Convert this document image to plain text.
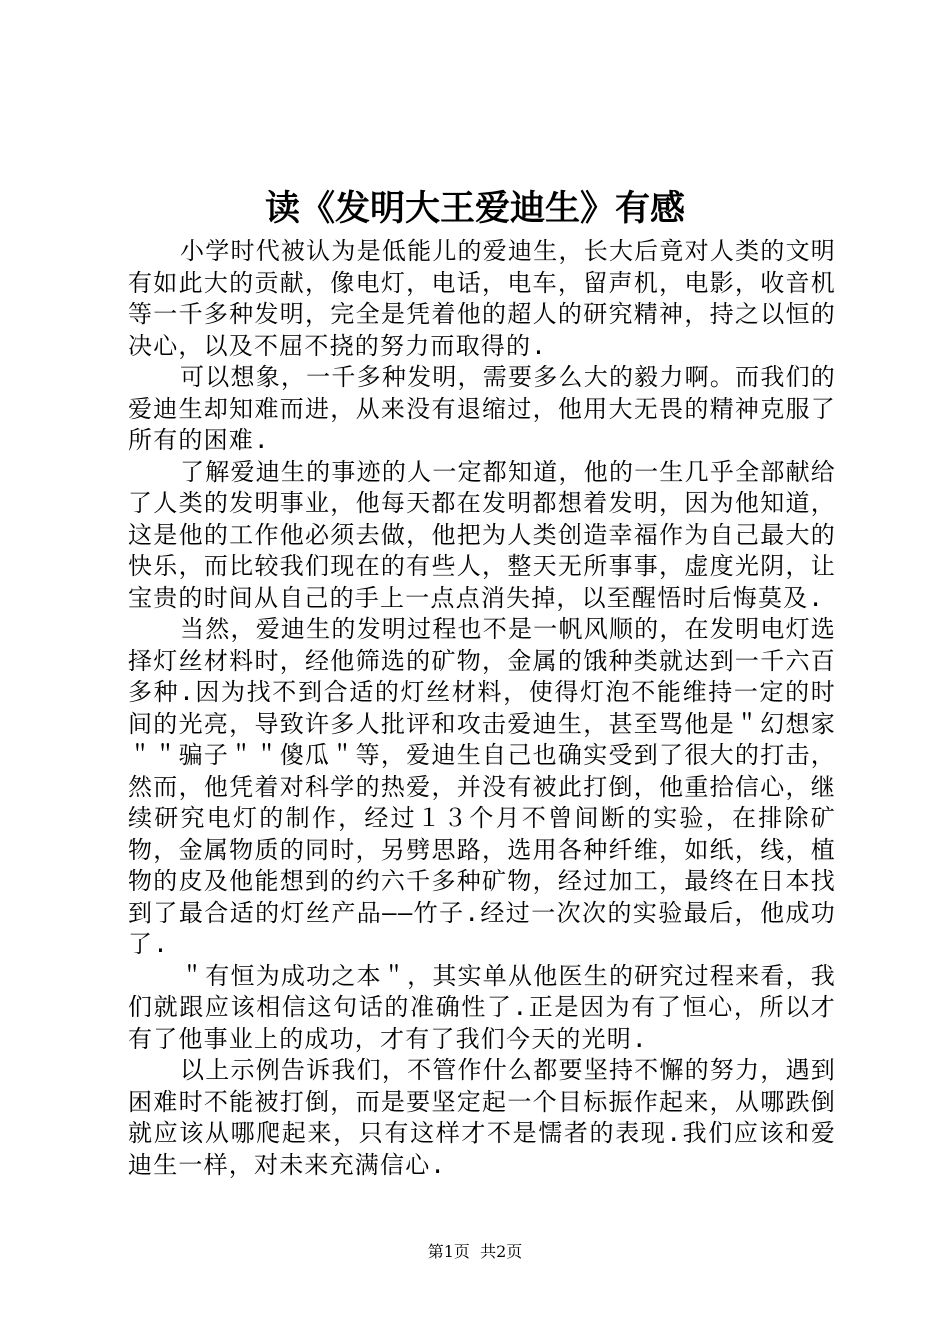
读《发明大王爱迪生》有感

小学时代被认为是低能儿的爱迪生，长大后竟对人类的文明有如此大的贡献，像电灯，电话，电车，留声机，电影，收音机等一千多种发明，完全是凭着他的超人的研究精神，持之以恒的决心，以及不屈不挠的努力而取得的.

可以想象，一千多种发明，需要多么大的毅力啊。而我们的爱迪生却知难而进，从来没有退缩过，他用大无畏的精神克服了所有的困难.

了解爱迪生的事迹的人一定都知道，他的一生几乎全部献给了人类的发明事业，他每天都在发明都想着发明，因为他知道，这是他的工作他必须去做，他把为人类创造幸福作为自己最大的快乐，而比较我们现在的有些人，整天无所事事，虚度光阴，让宝贵的时间从自己的手上一点点消失掉，以至醒悟时后悔莫及.

当然，爱迪生的发明过程也不是一帆风顺的，在发明电灯选择灯丝材料时，经他筛选的矿物，金属的饿种类就达到一千六百多种.因为找不到合适的灯丝材料，使得灯泡不能维持一定的时间的光亮，导致许多人批评和攻击爱迪生，甚至骂他是＂幻想家＂＂骗子＂＂傻瓜＂等，爱迪生自己也确实受到了很大的打击，然而，他凭着对科学的热爱，并没有被此打倒，他重拾信心，继续研究电灯的制作，经过１３个月不曾间断的实验，在排除矿物，金属物质的同时，另劈思路，选用各种纤维，如纸，线，植物的皮及他能想到的约六千多种矿物，经过加工，最终在日本找到了最合适的灯丝产品——竹子.经过一次次的实验最后，他成功了.

＂有恒为成功之本＂，其实单从他医生的研究过程来看，我们就跟应该相信这句话的准确性了.正是因为有了恒心，所以才有了他事业上的成功，才有了我们今天的光明.

以上示例告诉我们，不管作什么都要坚持不懈的努力，遇到困难时不能被打倒，而是要坚定起一个目标振作起来，从哪跌倒就应该从哪爬起来，只有这样才不是懦者的表现.我们应该和爱迪生一样，对未来充满信心.

第1页  共2页
